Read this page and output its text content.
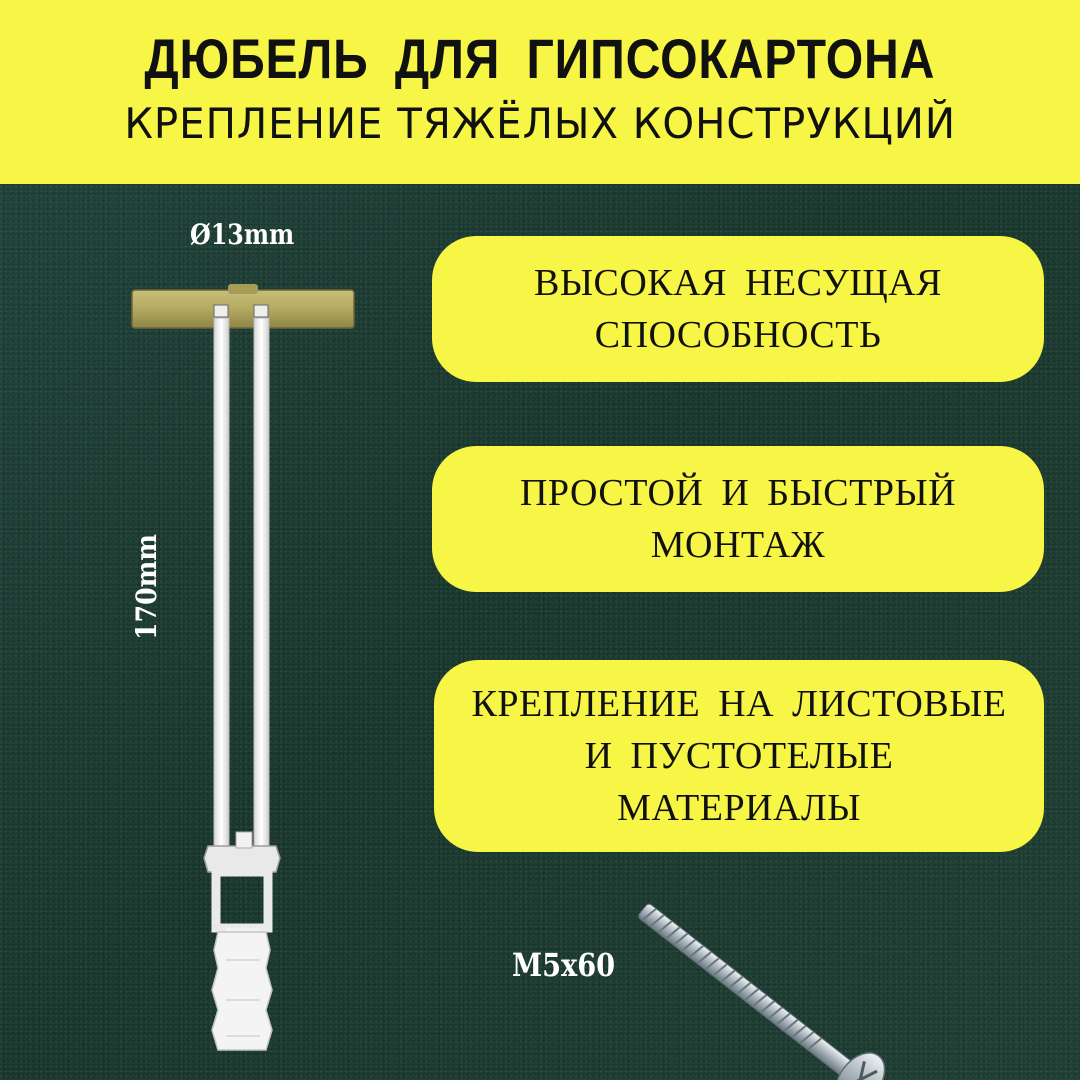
ДЮБЕЛЬ ДЛЯ ГИПСОКАРТОНА
КРЕПЛЕНИЕ ТЯЖЁЛЫХ КОНСТРУКЦИЙ
Ø13mm
170mm
M5x60
ВЫСОКАЯ НЕСУЩАЯ
СПОСОБНОСТЬ
ПРОСТОЙ И БЫСТРЫЙ
МОНТАЖ
КРЕПЛЕНИЕ НА ЛИСТОВЫЕ
И ПУСТОТЕЛЫЕ
МАТЕРИАЛЫ
